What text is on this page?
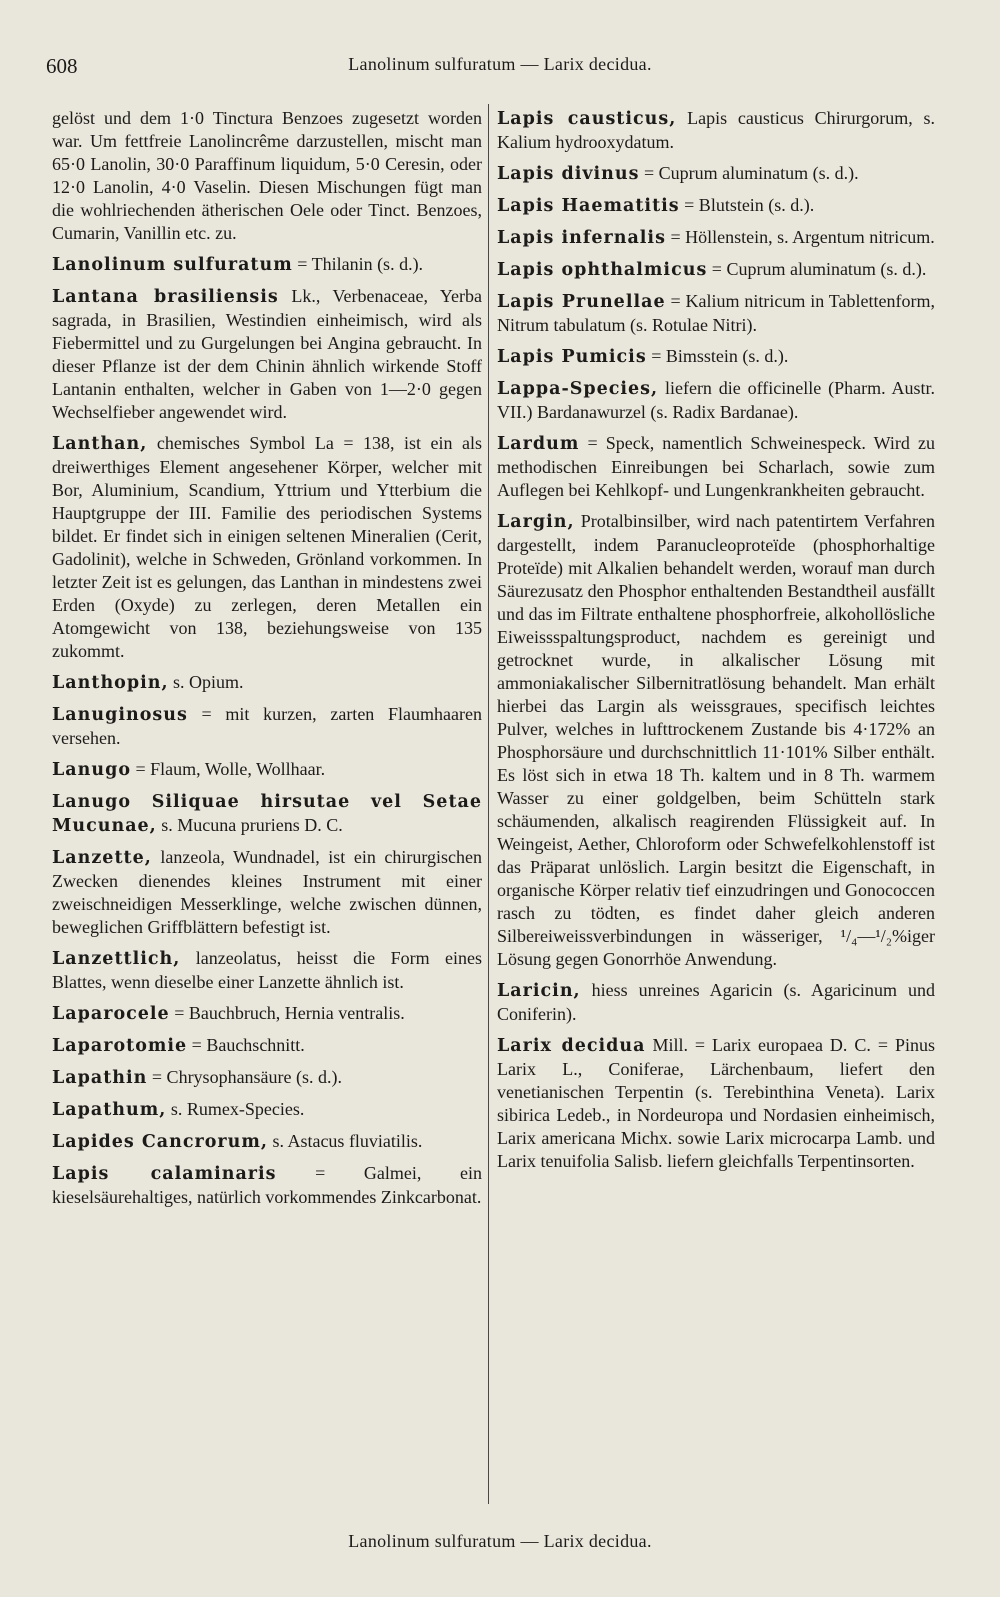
608	Lanolinum sulfuratum — Larix decidua.

gelöst und dem 1·0 Tinctura Benzoes zugesetzt worden war. Um fettfreie Lanolincrême darzustellen, mischt man 65·0 Lanolin, 30·0 Paraffinum liquidum, 5·0 Ceresin, oder 12·0 Lanolin, 4·0 Vaselin. Diesen Mischungen fügt man die wohlriechenden ätherischen Oele oder Tinct. Benzoes, Cumarin, Vanillin etc. zu.

Lanolinum sulfuratum = Thilanin (s. d.).

Lantana brasiliensis Lk., Verbenaceae, Yerba sagrada, in Brasilien, Westindien einheimisch, wird als Fiebermittel und zu Gurgelungen bei Angina gebraucht. In dieser Pflanze ist der dem Chinin ähnlich wirkende Stoff Lantanin enthalten, welcher in Gaben von 1—2·0 gegen Wechselfieber angewendet wird.

Lanthan, chemisches Symbol La = 138, ist ein als dreiwerthiges Element angesehener Körper, welcher mit Bor, Aluminium, Scandium, Yttrium und Ytterbium die Hauptgruppe der III. Familie des periodischen Systems bildet. Er findet sich in einigen seltenen Mineralien (Cerit, Gadolinit), welche in Schweden, Grönland vorkommen. In letzter Zeit ist es gelungen, das Lanthan in mindestens zwei Erden (Oxyde) zu zerlegen, deren Metallen ein Atomgewicht von 138, beziehungsweise von 135 zukommt.

Lanthopin, s. Opium.

Lanuginosus = mit kurzen, zarten Flaumhaaren versehen.

Lanugo = Flaum, Wolle, Wollhaar.

Lanugo Siliquae hirsutae vel Setae Mucunae, s. Mucuna pruriens D. C.

Lanzette, lanzeola, Wundnadel, ist ein chirurgischen Zwecken dienendes kleines Instrument mit einer zweischneidigen Messerklinge, welche zwischen dünnen, beweglichen Griffblättern befestigt ist.

Lanzettlich, lanzeolatus, heisst die Form eines Blattes, wenn dieselbe einer Lanzette ähnlich ist.

Laparocele = Bauchbruch, Hernia ventralis.

Laparotomie = Bauchschnitt.

Lapathin = Chrysophansäure (s. d.).

Lapathum, s. Rumex-Species.

Lapides Cancrorum, s. Astacus fluviatilis.

Lapis calaminaris = Galmei, ein kieselsäurehaltiges, natürlich vorkommendes Zinkcarbonat.

Lapis causticus, Lapis causticus Chirurgorum, s. Kalium hydrooxydatum.

Lapis divinus = Cuprum aluminatum (s. d.).

Lapis Haematitis = Blutstein (s. d.).

Lapis infernalis = Höllenstein, s. Argentum nitricum.

Lapis ophthalmicus = Cuprum aluminatum (s. d.).

Lapis Prunellae = Kalium nitricum in Tablettenform, Nitrum tabulatum (s. Rotulae Nitri).

Lapis Pumicis = Bimsstein (s. d.).

Lappa-Species, liefern die officinelle (Pharm. Austr. VII.) Bardanawurzel (s. Radix Bardanae).

Lardum = Speck, namentlich Schweinespeck. Wird zu methodischen Einreibungen bei Scharlach, sowie zum Auflegen bei Kehlkopf- und Lungenkrankheiten gebraucht.

Largin, Protalbinsilber, wird nach patentirtem Verfahren dargestellt, indem Paranucleoproteïde (phosphorhaltige Proteïde) mit Alkalien behandelt werden, worauf man durch Säurezusatz den Phosphor enthaltenden Bestandtheil ausfällt und das im Filtrate enthaltene phosphorfreie, alkohollösliche Eiweissspaltungsproduct, nachdem es gereinigt und getrocknet wurde, in alkalischer Lösung mit ammoniakalischer Silbernitratlösung behandelt. Man erhält hierbei das Largin als weissgraues, specifisch leichtes Pulver, welches in lufttrockenem Zustande bis 4·172% an Phosphorsäure und durchschnittlich 11·101% Silber enthält. Es löst sich in etwa 18 Th. kaltem und in 8 Th. warmem Wasser zu einer goldgelben, beim Schütteln stark schäumenden, alkalisch reagirenden Flüssigkeit auf. In Weingeist, Aether, Chloroform oder Schwefelkohlenstoff ist das Präparat unlöslich. Largin besitzt die Eigenschaft, in organische Körper relativ tief einzudringen und Gonococcen rasch zu tödten, es findet daher gleich anderen Silbereiweissverbindungen in wässeriger, ¹/₄—¹/₂%iger Lösung gegen Gonorrhöe Anwendung.

Laricin, hiess unreines Agaricin (s. Agaricinum und Coniferin).

Larix decidua Mill. = Larix europaea D. C. = Pinus Larix L., Coniferae, Lärchenbaum, liefert den venetianischen Terpentin (s. Terebinthina Veneta). Larix sibirica Ledeb., in Nordeuropa und Nordasien einheimisch, Larix americana Michx. sowie Larix microcarpa Lamb. und Larix tenuifolia Salisb. liefern gleichfalls Terpentinsorten.

Lanolinum sulfuratum — Larix decidua.
